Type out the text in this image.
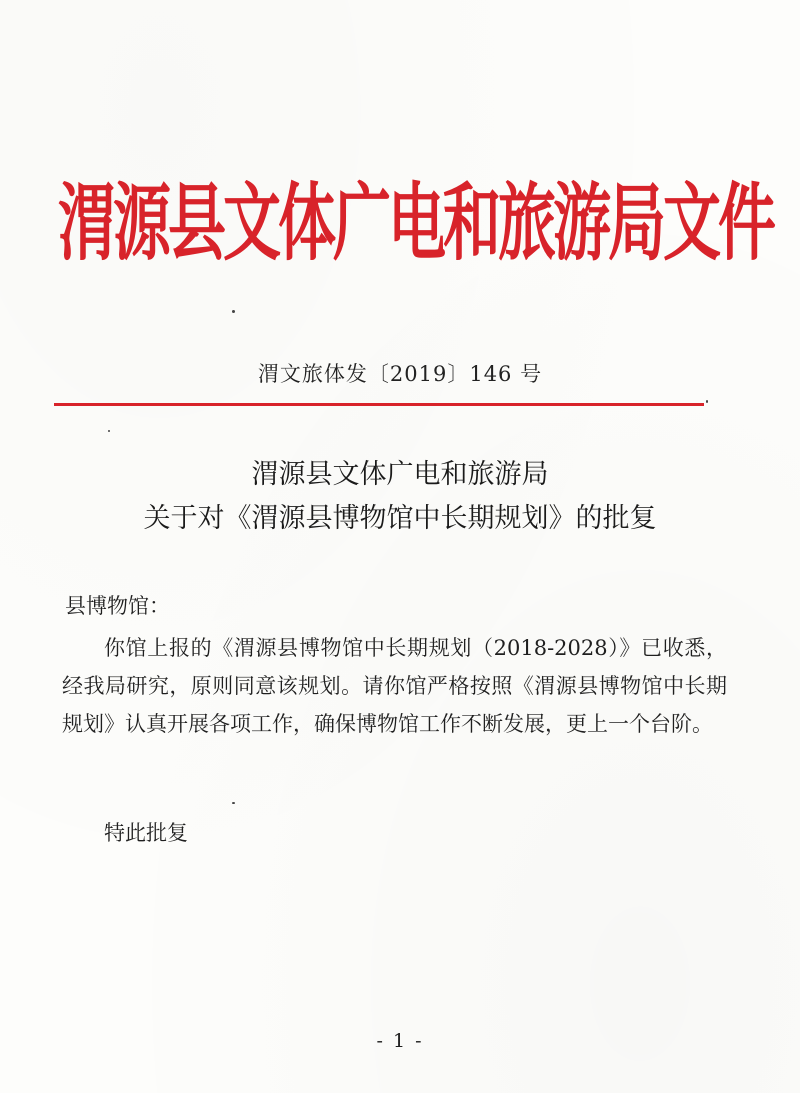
渭源县文体广电和旅游局文件
渭文旅体发〔2019〕146 号
渭源县文体广电和旅游局
关于对《渭源县博物馆中长期规划》的批复
县博物馆：

你馆上报的《渭源县博物馆中长期规划（2018-2028）》已收悉，经我局研究，原则同意该规划。请你馆严格按照《渭源县博物馆中长期规划》认真开展各项工作，确保博物馆工作不断发展，更上一个台阶。

特此批复
- 1 -
